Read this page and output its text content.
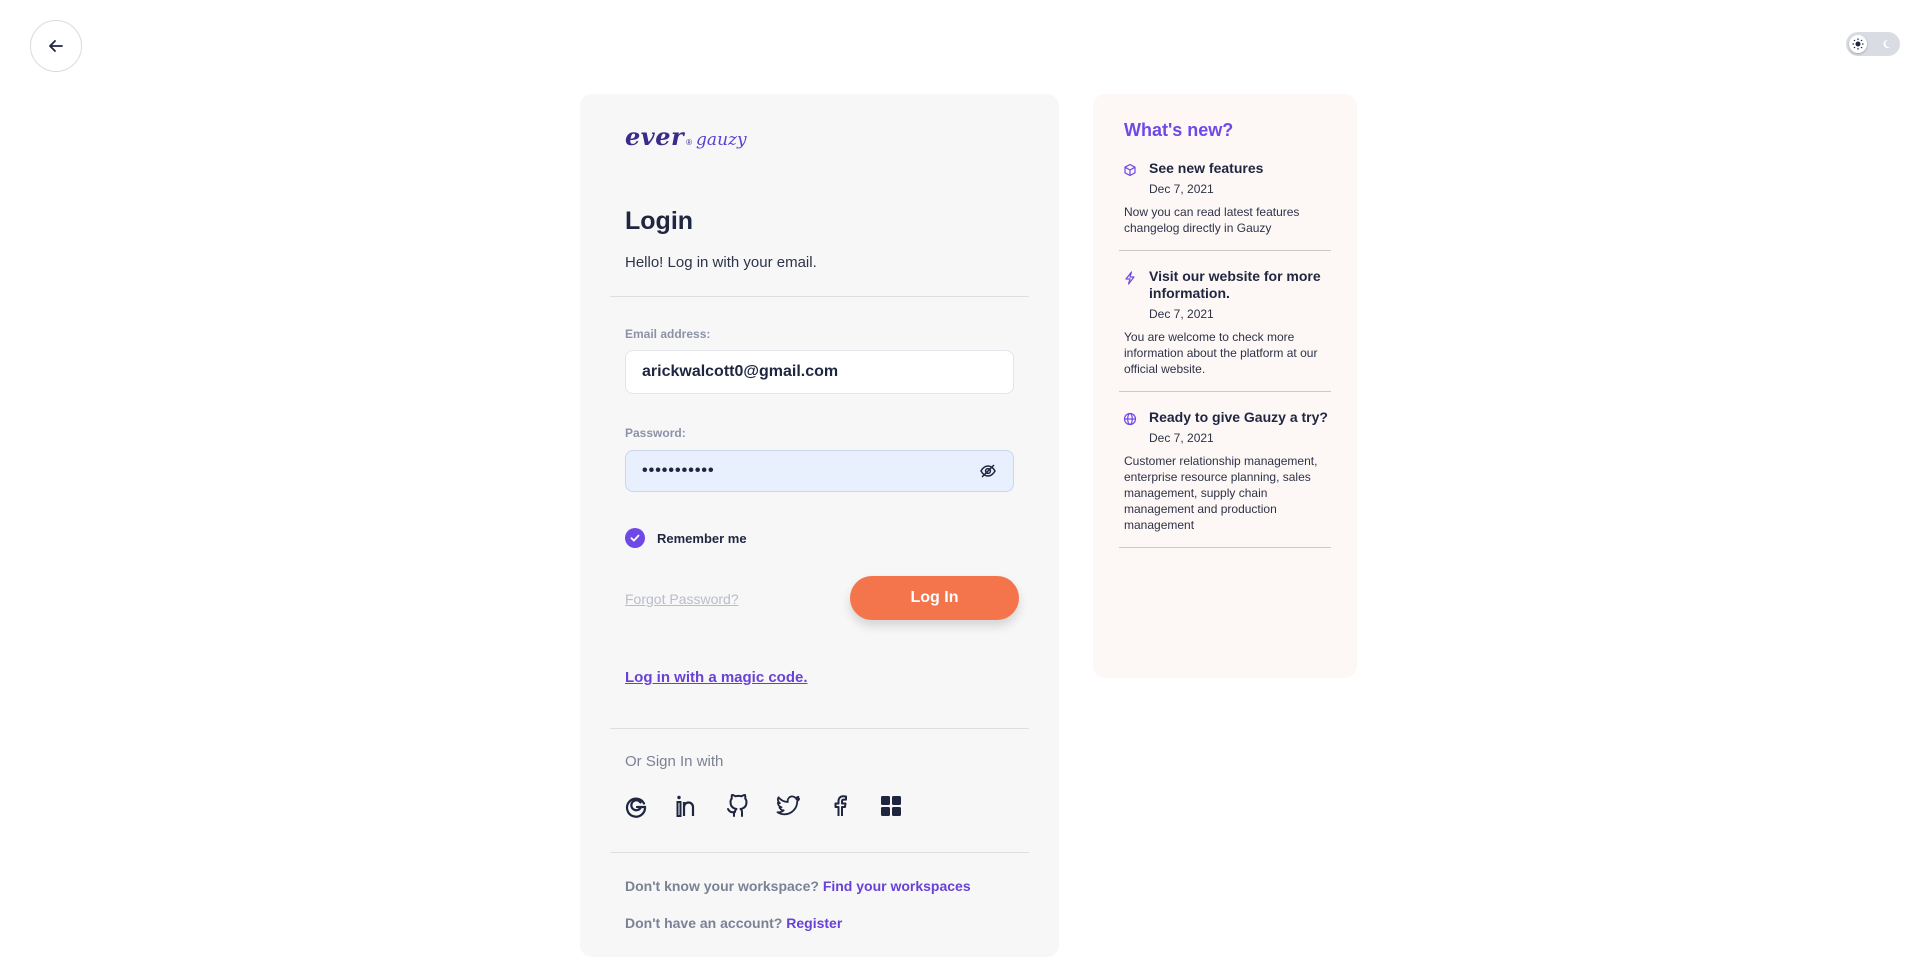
ever ® gauzy
Login
Hello! Log in with your email.
Email address:
arickwalcott0@gmail.com
Password:
•••••••••••
Remember me
Forgot Password?	Log In
Log in with a magic code.
Or Sign In with
Don't know your workspace? Find your workspaces
Don't have an account? Register
What's new?
See new features
Dec 7, 2021
Now you can read latest features changelog directly in Gauzy
Visit our website for more information.
Dec 7, 2021
You are welcome to check more information about the platform at our official website.
Ready to give Gauzy a try?
Dec 7, 2021
Customer relationship management, enterprise resource planning, sales management, supply chain management and production management
